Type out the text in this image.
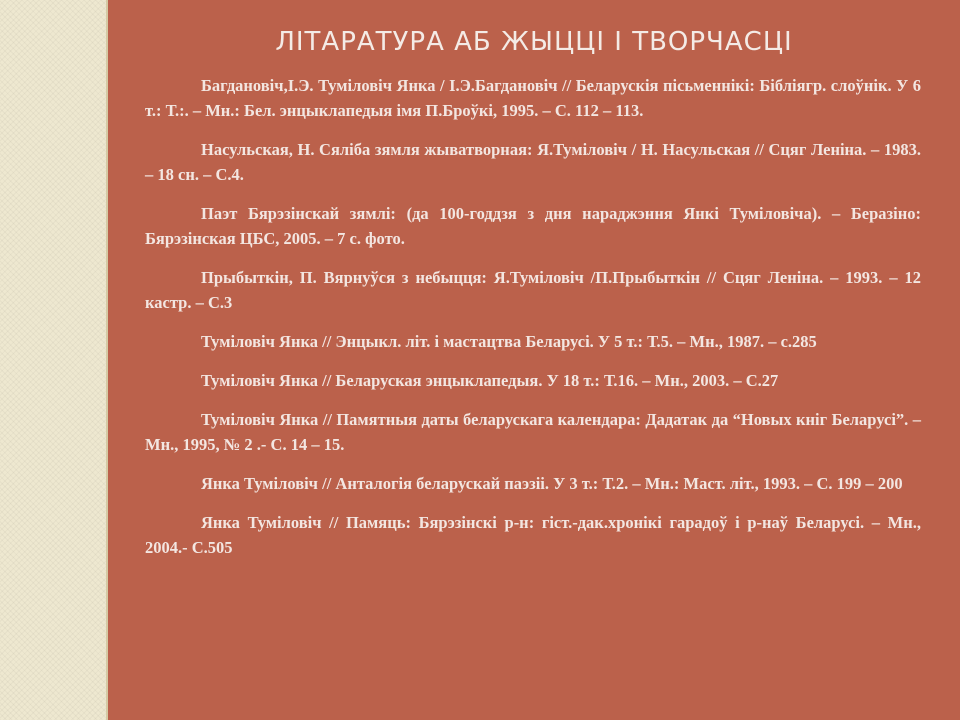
ЛІТАРАТУРА АБ ЖЫЦЦІ І ТВОРЧАСЦІ
Багдановіч,І.Э. Туміловіч Янка / І.Э.Багдановіч // Беларускія пісьменнікі: Бібліягр. слоўнік. У 6 т.: Т.:. – Мн.: Бел. энцыклапедыя імя П.Броўкі, 1995. – С. 112 – 113.
Насульская, Н. Сяліба зямля жыватворная: Я.Туміловіч / Н. Насульская // Сцяг Леніна. – 1983. – 18 сн. – С.4.
Паэт Бярэзінскай зямлі: (да 100-годдзя з дня нараджэння Янкі Туміловіча). – Беразіно: Бярэзінская ЦБС, 2005. – 7 с. фото.
Прыбыткін, П. Вярнуўся з небыцця: Я.Туміловіч /П.Прыбыткін // Сцяг Леніна. – 1993. – 12 кастр. – С.3
Туміловіч Янка // Энцыкл. літ. і мастацтва Беларусі. У 5 т.: Т.5. – Мн., 1987. – с.285
Туміловіч Янка // Беларуская энцыклапедыя. У 18 т.: Т.16. – Мн., 2003. – С.27
Туміловіч Янка // Памятныя даты беларускага календара: Дадатак да “Новых кніг Беларусі”. – Мн., 1995, № 2 .- С. 14 – 15.
Янка Туміловіч // Анталогія беларускай паэзіі. У 3 т.: Т.2. – Мн.: Маст. літ., 1993. – С. 199 – 200
Янка Туміловіч // Памяць: Бярэзінскі р-н: гіст.-дак.хронікі гарадоў і р-наў Беларусі. – Мн., 2004.- С.505
